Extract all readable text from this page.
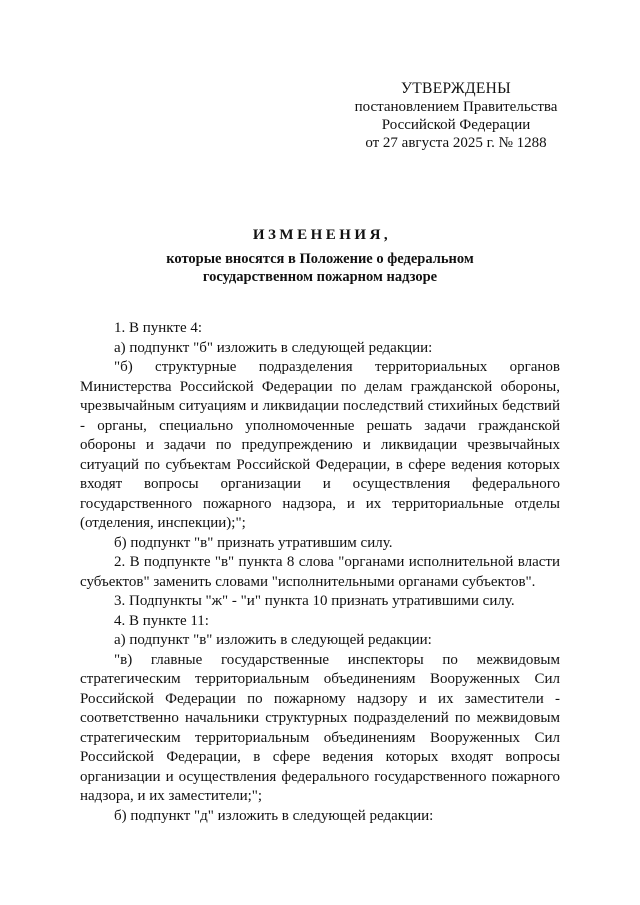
УТВЕРЖДЕНЫ
постановлением Правительства
Российской Федерации
от 27 августа 2025 г. № 1288
ИЗМЕНЕНИЯ,
которые вносятся в Положение о федеральном
государственном пожарном надзоре

1. В пункте 4:

а) подпункт "б" изложить в следующей редакции:

"б) структурные подразделения территориальных органов Министерства Российской Федерации по делам гражданской обороны, чрезвычайным ситуациям и ликвидации последствий стихийных бедствий - органы, специально уполномоченные решать задачи гражданской обороны и задачи по предупреждению и ликвидации чрезвычайных ситуаций по субъектам Российской Федерации, в сфере ведения которых входят вопросы организации и осуществления федерального государственного пожарного надзора, и их территориальные отделы (отделения, инспекции);";

б) подпункт "в" признать утратившим силу.

2. В подпункте "в" пункта 8 слова "органами исполнительной власти субъектов" заменить словами "исполнительными органами субъектов".

3. Подпункты "ж" - "и" пункта 10 признать утратившими силу.

4. В пункте 11:

а) подпункт "в" изложить в следующей редакции:

"в) главные государственные инспекторы по межвидовым стратегическим территориальным объединениям Вооруженных Сил Российской Федерации по пожарному надзору и их заместители - соответственно начальники структурных подразделений по межвидовым стратегическим территориальным объединениям Вооруженных Сил Российской Федерации, в сфере ведения которых входят вопросы организации и осуществления федерального государственного пожарного надзора, и их заместители;";

б) подпункт "д" изложить в следующей редакции:
